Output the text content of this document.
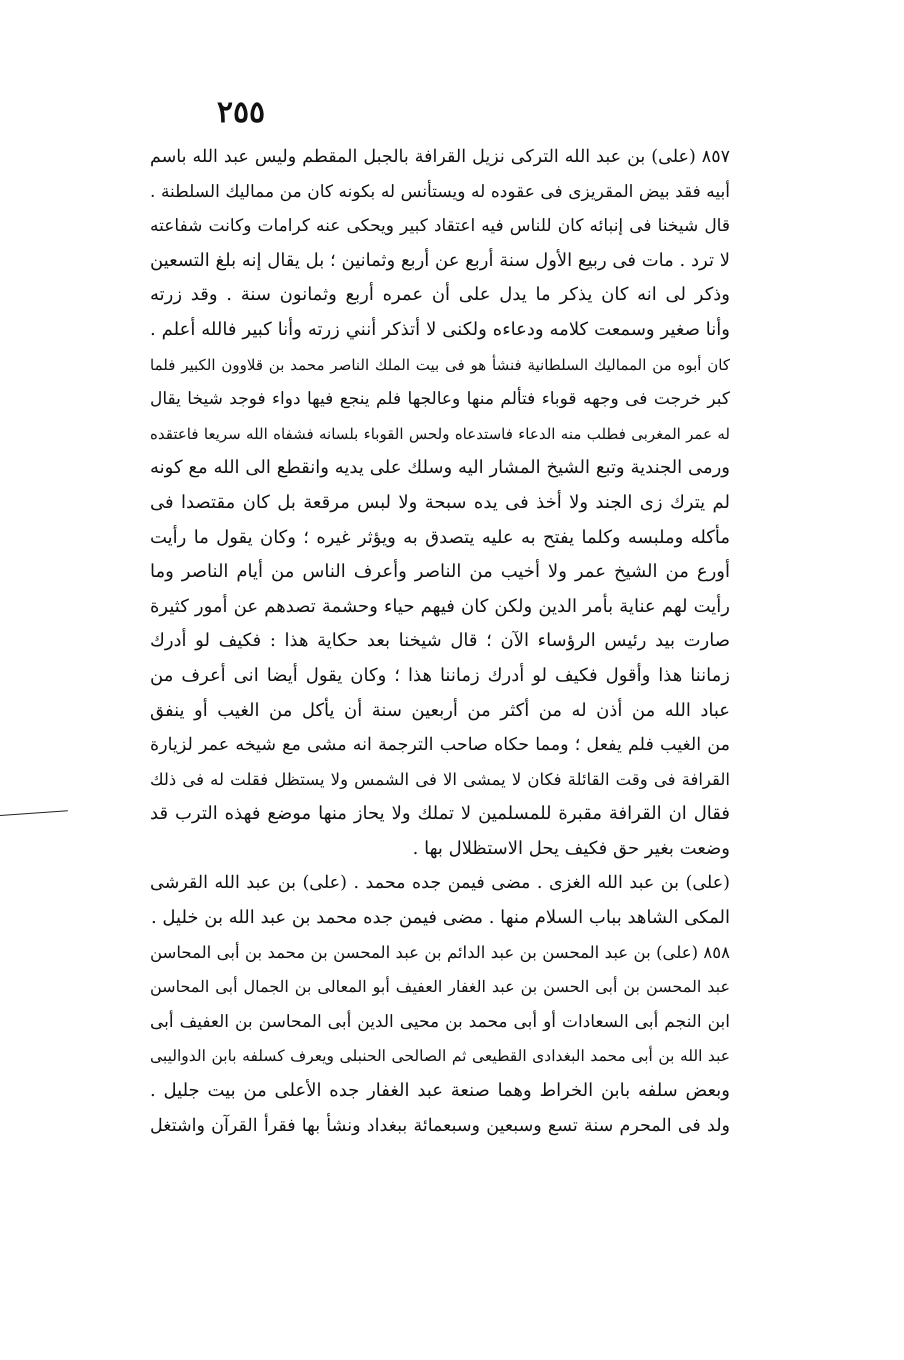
٢٥٥
٨٥٧ (على) بن عبد الله التركى نزيل القرافة بالجبل المقطم وليس عبد الله باسم
أبيه فقد بيض المقريزى فى عقوده له ويستأنس له بكونه كان من مماليك السلطنة .
قال شيخنا فى إنبائه كان للناس فيه اعتقاد كبير ويحكى عنه كرامات وكانت شفاعته
لا ترد . مات فى ربيع الأول سنة أربع عن أربع وثمانين ؛ بل يقال إنه بلغ التسعين
وذكر لى انه كان يذكر ما يدل على أن عمره أربع وثمانون سنة . وقد زرته
وأنا صغير وسمعت كلامه ودعاءه ولكنى لا أتذكر أنني زرته وأنا كبير فالله أعلم .
كان أبوه من المماليك السلطانية فنشأ هو فى بيت الملك الناصر محمد بن قلاوون الكبير فلما
كبر خرجت فى وجهه قوباء فتألم منها وعالجها فلم ينجع فيها دواء فوجد شيخا يقال
له عمر المغربى فطلب منه الدعاء فاستدعاه ولحس القوباء بلسانه فشفاه الله سريعا فاعتقده
ورمى الجندية وتبع الشيخ المشار اليه وسلك على يديه وانقطع الى الله مع كونه
لم يترك زى الجند ولا أخذ فى يده سبحة ولا لبس مرقعة بل كان مقتصدا فى
مأكله وملبسه وكلما يفتح به عليه يتصدق به ويؤثر غيره ؛ وكان يقول ما رأيت
أورع من الشيخ عمر ولا أخيب من الناصر وأعرف الناس من أيام الناصر وما
رأيت لهم عناية بأمر الدين ولكن كان فيهم حياء وحشمة تصدهم عن أمور كثيرة
صارت بيد رئيس الرؤساء الآن ؛ قال شيخنا بعد حكاية هذا : فكيف لو أدرك
زماننا هذا وأقول فكيف لو أدرك زماننا هذا ؛ وكان يقول أيضا انى أعرف من
عباد الله من أذن له من أكثر من أربعين سنة أن يأكل من الغيب أو ينفق
من الغيب فلم يفعل ؛ ومما حكاه صاحب الترجمة انه مشى مع شيخه عمر لزيارة
القرافة فى وقت القائلة فكان لا يمشى الا فى الشمس ولا يستظل فقلت له فى ذلك
فقال ان القرافة مقبرة للمسلمين لا تملك ولا يحاز منها موضع فهذه الترب قد
وضعت بغير حق فكيف يحل الاستظلال بها .
(على) بن عبد الله الغزى . مضى فيمن جده محمد . (على) بن عبد الله القرشى
المكى الشاهد بباب السلام منها . مضى فيمن جده محمد بن عبد الله بن خليل .
٨٥٨ (على) بن عبد المحسن بن عبد الدائم بن عبد المحسن بن محمد بن أبى المحاسن
عبد المحسن بن أبى الحسن بن عبد الغفار العفيف أبو المعالى بن الجمال أبى المحاسن
ابن النجم أبى السعادات أو أبى محمد بن محيى الدين أبى المحاسن بن العفيف أبى
عبد الله بن أبى محمد البغدادى القطيعى ثم الصالحى الحنبلى ويعرف كسلفه بابن الدواليبى
وبعض سلفه بابن الخراط وهما صنعة عبد الغفار جده الأعلى من بيت جليل .
ولد فى المحرم سنة تسع وسبعين وسبعمائة ببغداد ونشأ بها فقرأ القرآن واشتغل
